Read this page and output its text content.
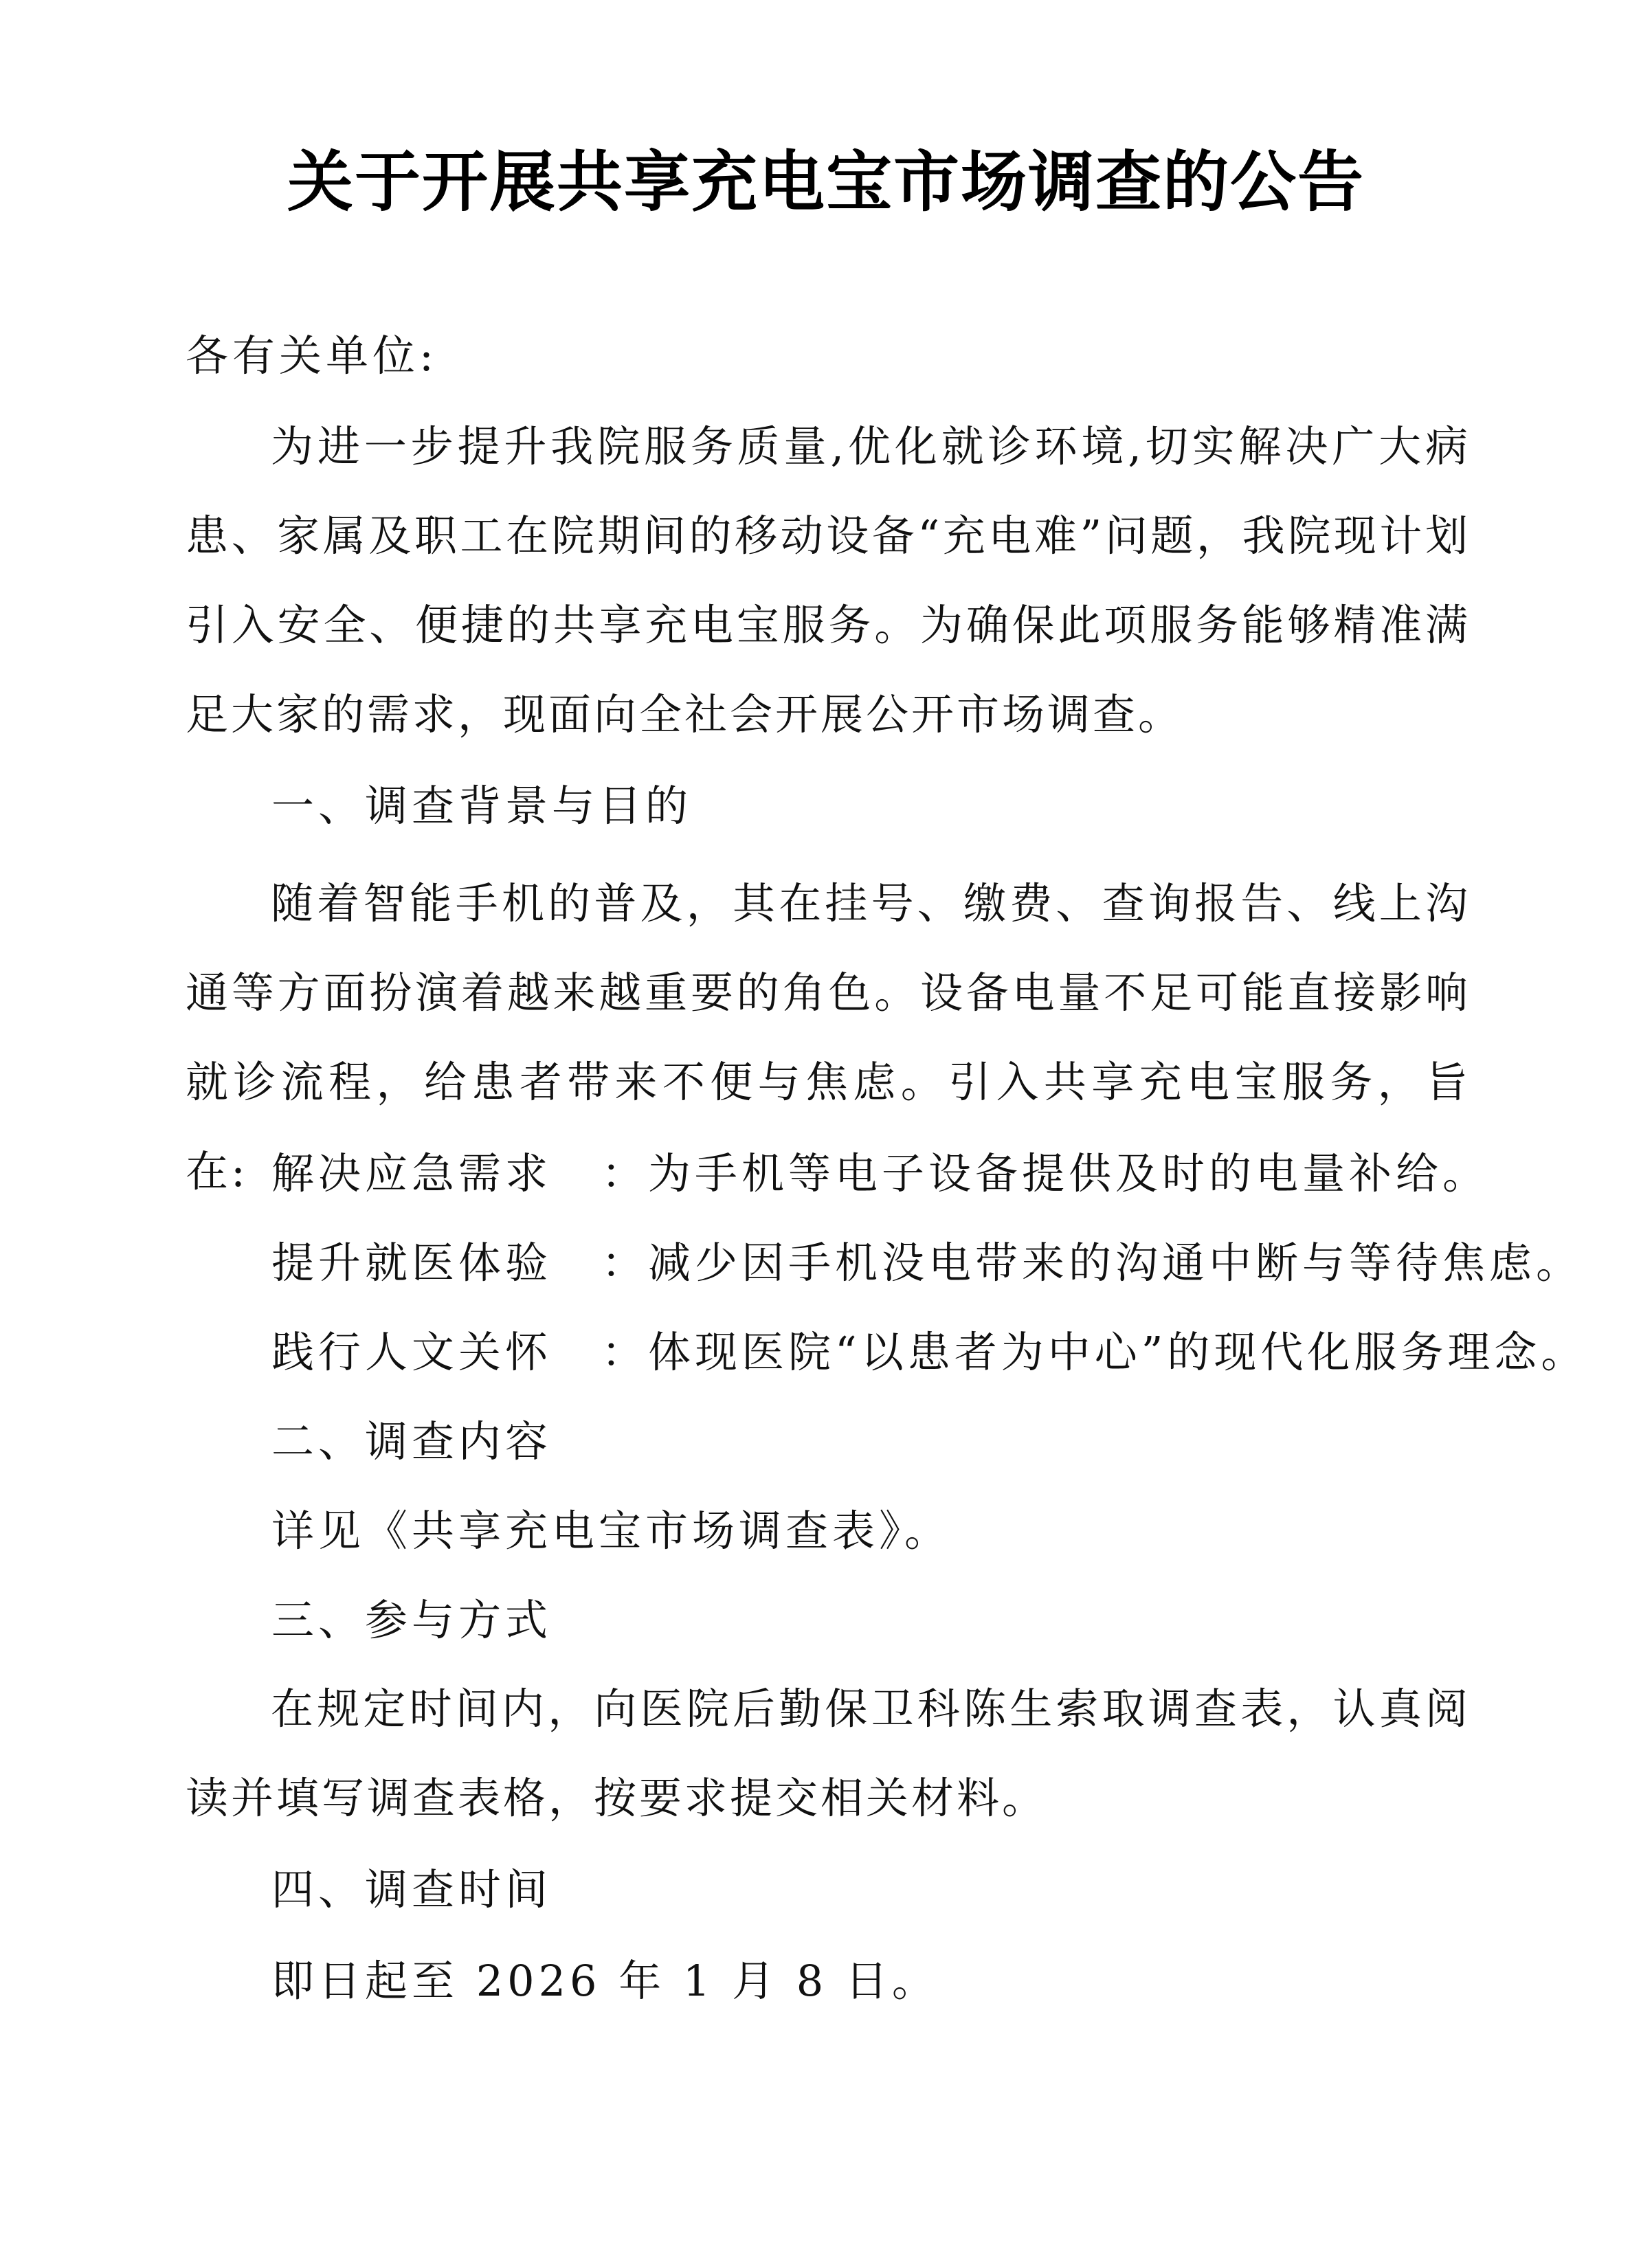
关于开展共享充电宝市场调查的公告
各有关单位:
为进一步提升我院服务质量,优化就诊环境,切实解决广大病患、家属及职工在院期间的移动设备“充电难”问题，我院现计划引入安全、便捷的共享充电宝服务。为确保此项服务能够精准满足大家的需求，现面向全社会开展公开市场调查。
一、调查背景与目的
随着智能手机的普及，其在挂号、缴费、查询报告、线上沟通等方面扮演着越来越重要的角色。设备电量不足可能直接影响就诊流程，给患者带来不便与焦虑。引入共享充电宝服务，旨在: 解决应急需求 ：为手机等电子设备提供及时的电量补给。
提升就医体验 ：减少因手机没电带来的沟通中断与等待焦虑。
践行人文关怀 ：体现医院“以患者为中心”的现代化服务理念。
二、调查内容
详见《共享充电宝市场调查表》。
三、参与方式
在规定时间内，向医院后勤保卫科陈生索取调查表，认真阅读并填写调查表格，按要求提交相关材料。
四、调查时间
即日起至 2026 年 1 月 8 日。
